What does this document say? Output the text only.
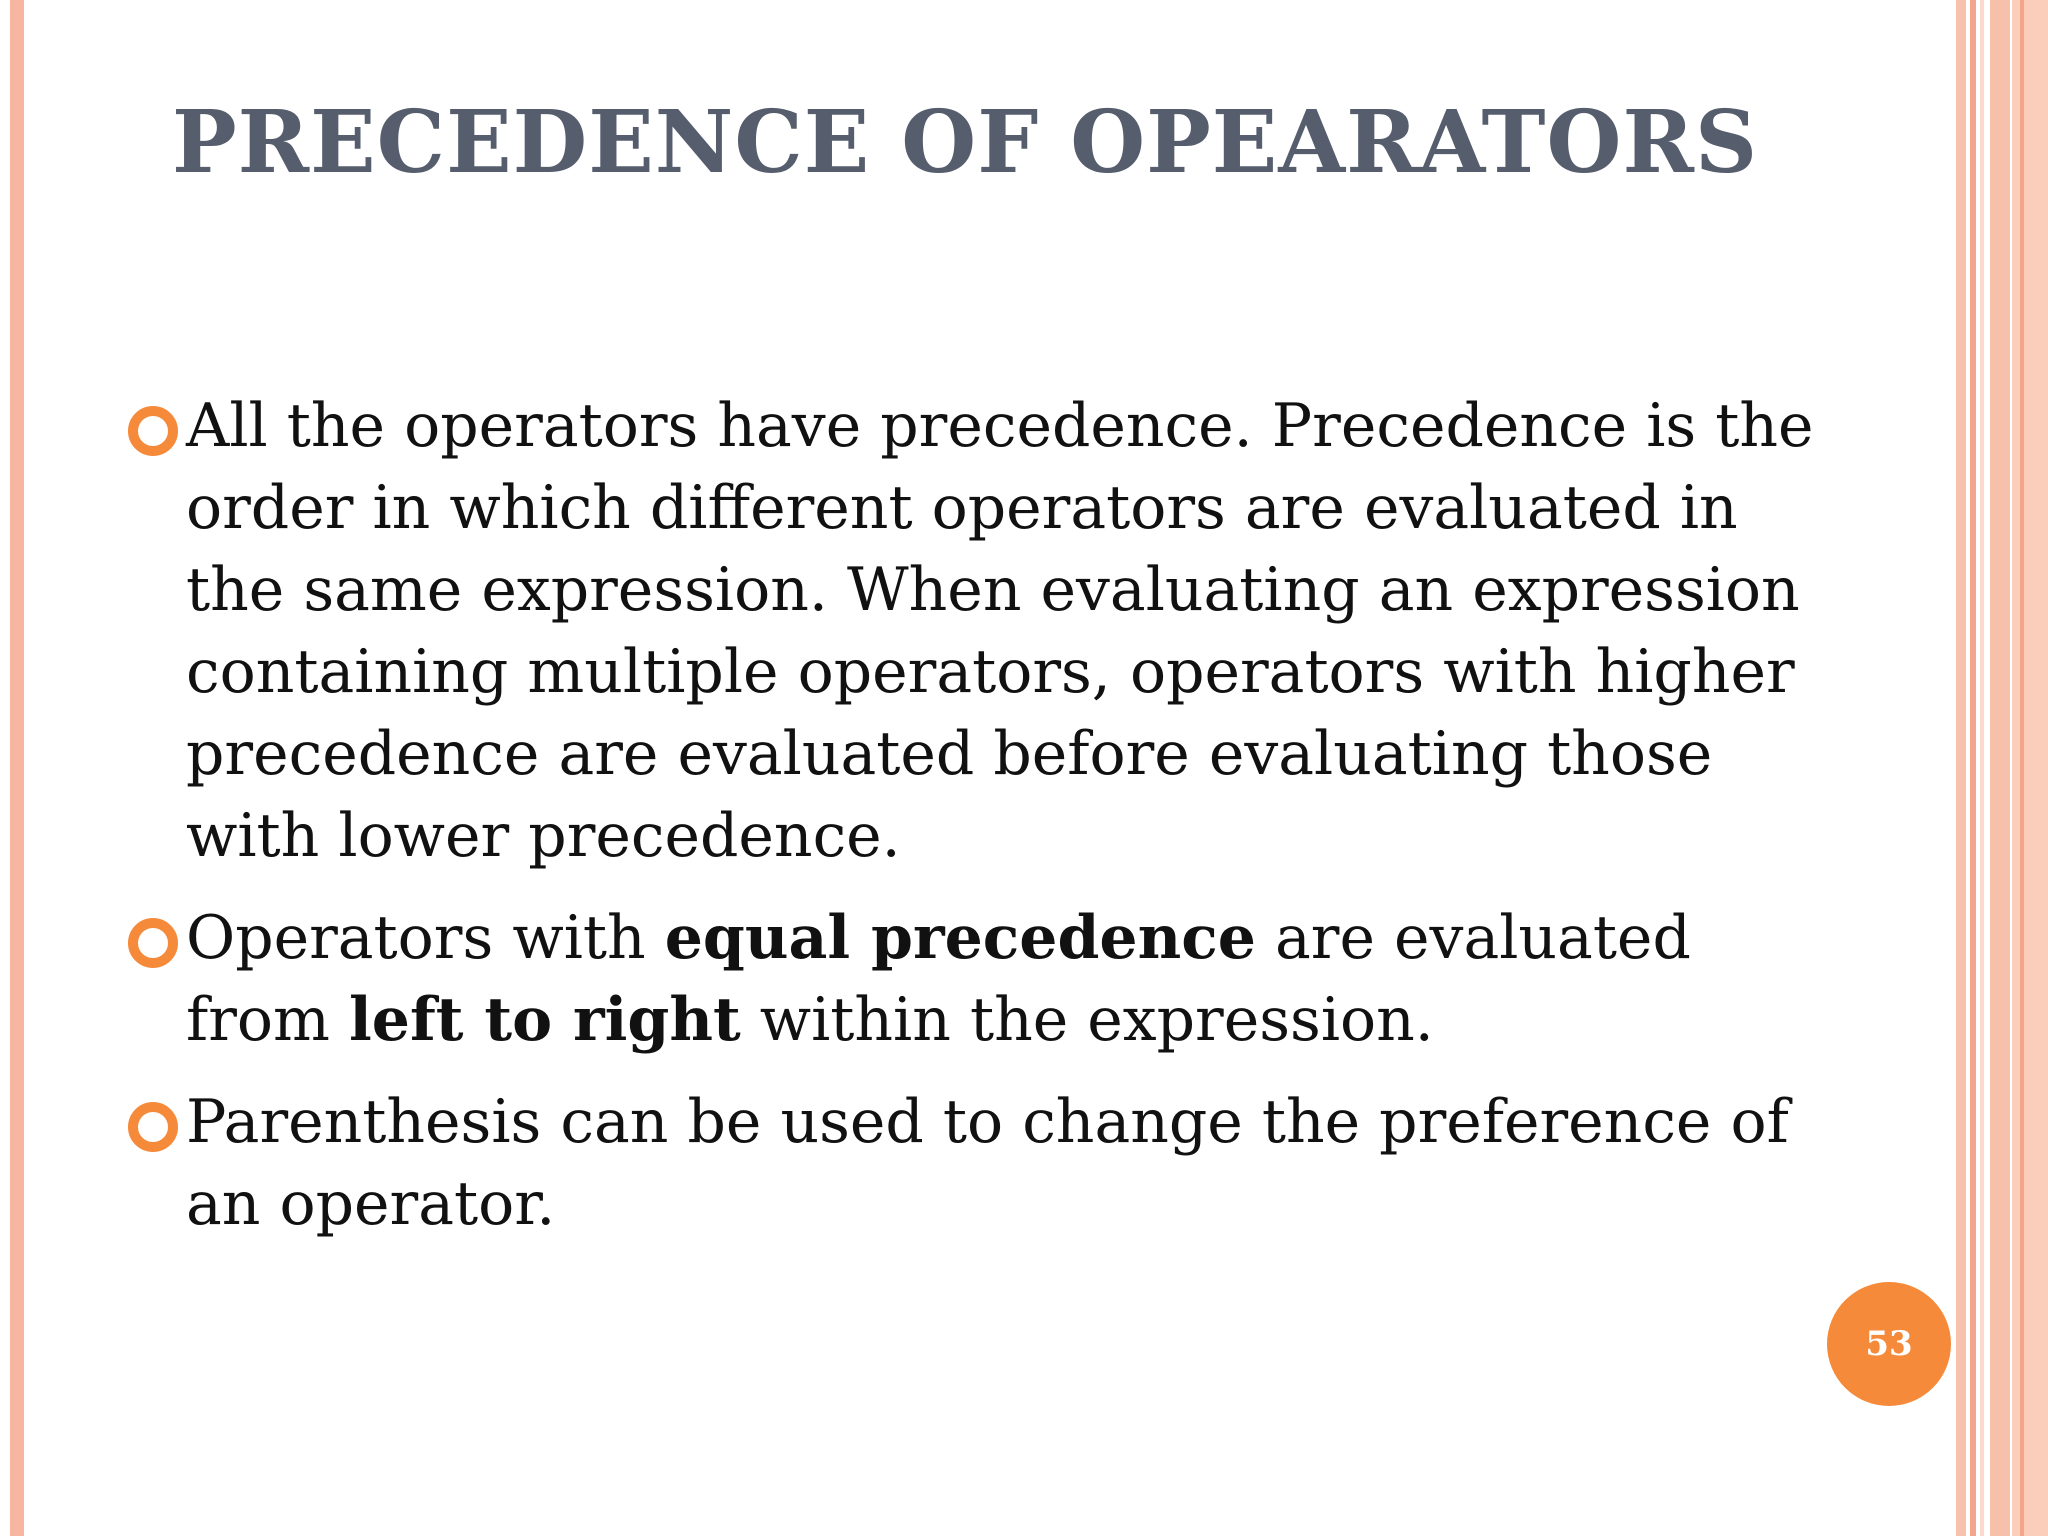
PRECEDENCE OF OPEARATORS
All the operators have precedence. Precedence is the order in which different operators are evaluated in the same expression. When evaluating an expression containing multiple operators, operators with higher precedence are evaluated before evaluating those with lower precedence.
Operators with equal precedence are evaluated from left to right within the expression.
Parenthesis can be used to change the preference of an operator.
53
